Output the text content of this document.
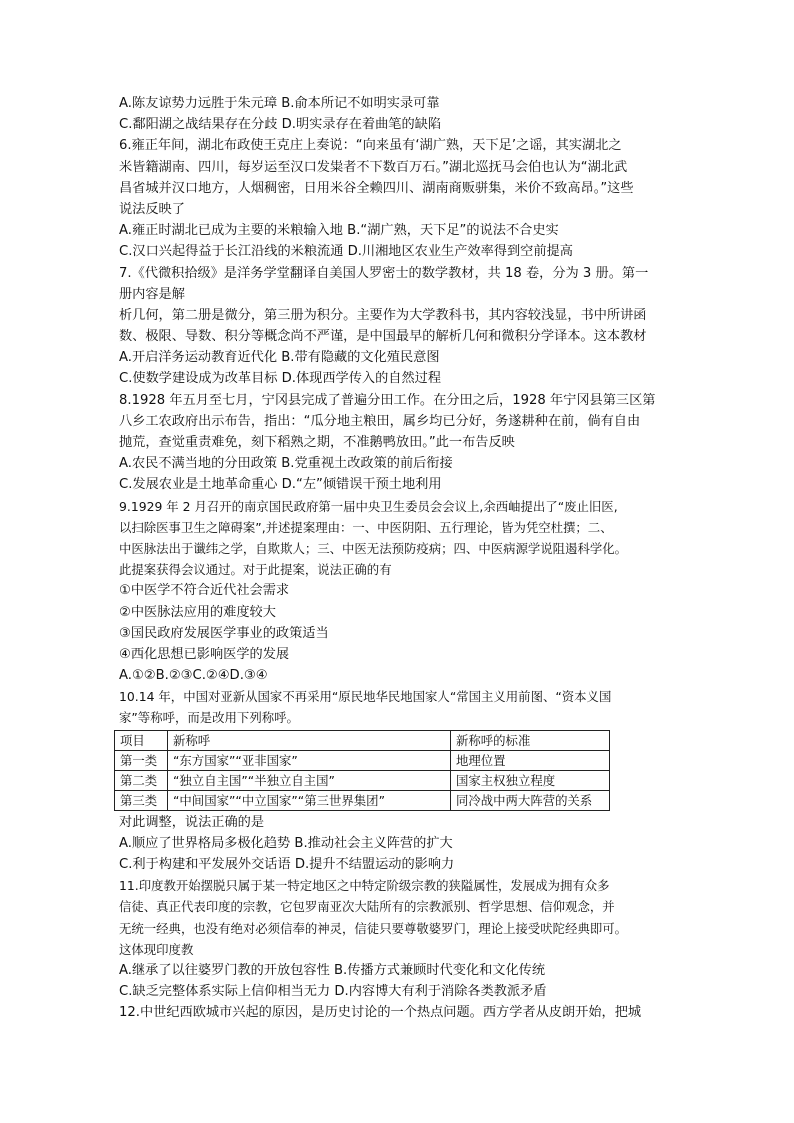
A.陈友谅势力远胜于朱元璋 B.俞本所记不如明实录可靠
C.鄱阳湖之战结果存在分歧 D.明实录存在着曲笔的缺陷
6.雍正年间，湖北布政使王克庄上奏说：“向来虽有‘湖广熟，天下足’之谣，其实湖北之
米皆籍湖南、四川，每岁运至汉口发粜者不下数百万石。”湖北巡抚马会伯也认为“湖北武
昌省城并汉口地方，人烟稠密，日用米谷全赖四川、湖南商贩骈集，米价不致高昂。”这些
说法反映了
A.雍正时湖北已成为主要的米粮输入地 B.“湖广熟，天下足”的说法不合史实
C.汉口兴起得益于长江沿线的米粮流通 D.川湘地区农业生产效率得到空前提高
7.《代微积拾级》是洋务学堂翻译自美国人罗密士的数学教材，共 18 卷，分为 3 册。第一
册内容是解
析几何，第二册是微分，第三册为积分。主要作为大学教科书，其内容较浅显，书中所讲函
数、极限、导数、积分等概念尚不严谨，是中国最早的解析几何和微积分学译本。这本教材
A.开启洋务运动教育近代化 B.带有隐藏的文化殖民意图
C.使数学建设成为改革目标 D.体现西学传入的自然过程
8.1928 年五月至七月，宁冈县完成了普遍分田工作。在分田之后，1928 年宁冈县第三区第
八乡工农政府出示布告，指出：“瓜分地主粮田，属乡均已分好，务遂耕种在前，倘有自由
抛荒，查觉重责难免，刻下稻熟之期，不准鹅鸭放田。”此一布告反映
A.农民不满当地的分田政策 B.党重视土改政策的前后衔接
C.发展农业是土地革命重心 D.“左”倾错误干预土地利用
9.1929 年 2 月召开的南京国民政府第一届中央卫生委员会会议上,余西岫提出了“废止旧医,
以扫除医事卫生之障碍案”,并述提案理由：一、中医阴阳、五行理论，皆为凭空杜撰；二、
中医脉法出于谶纬之学，自欺欺人；三、中医无法预防疫病；四、中医病源学说阻遏科学化。
此提案获得会议通过。对于此提案，说法正确的有
①中医学不符合近代社会需求
②中医脉法应用的难度较大
③国民政府发展医学事业的政策适当
④西化思想已影响医学的发展
A.①②B.②③C.②④D.③④
10.14 年，中国对亚新从国家不再采用“原民地华民地国家人“常国主义用前图、“资本义国
家”等称呼，而是改用下列称呼。
项目	新称呼	新称呼的标准
第一类	“东方国家”“亚非国家”	地理位置
第二类	“独立自主国”“半独立自主国”	国家主权独立程度
第三类	“中间国家”“中立国家”“第三世界集团”	同冷战中两大阵营的关系
对此调整，说法正确的是
A.顺应了世界格局多极化趋势 B.推动社会主义阵营的扩大
C.利于构建和平发展外交话语 D.提升不结盟运动的影响力
11.印度教开始摆脱只属于某一特定地区之中特定阶级宗教的狭隘属性，发展成为拥有众多
信徒、真正代表印度的宗教，它包罗南亚次大陆所有的宗教派别、哲学思想、信仰观念，并
无统一经典，也没有绝对必须信奉的神灵，信徒只要尊敬婆罗门，理论上接受吠陀经典即可。
这体现印度教
A.继承了以往婆罗门教的开放包容性 B.传播方式兼顾时代变化和文化传统
C.缺乏完整体系实际上信仰相当无力 D.内容博大有利于消除各类教派矛盾
12.中世纪西欧城市兴起的原因，是历史讨论的一个热点问题。西方学者从皮朗开始，把城
